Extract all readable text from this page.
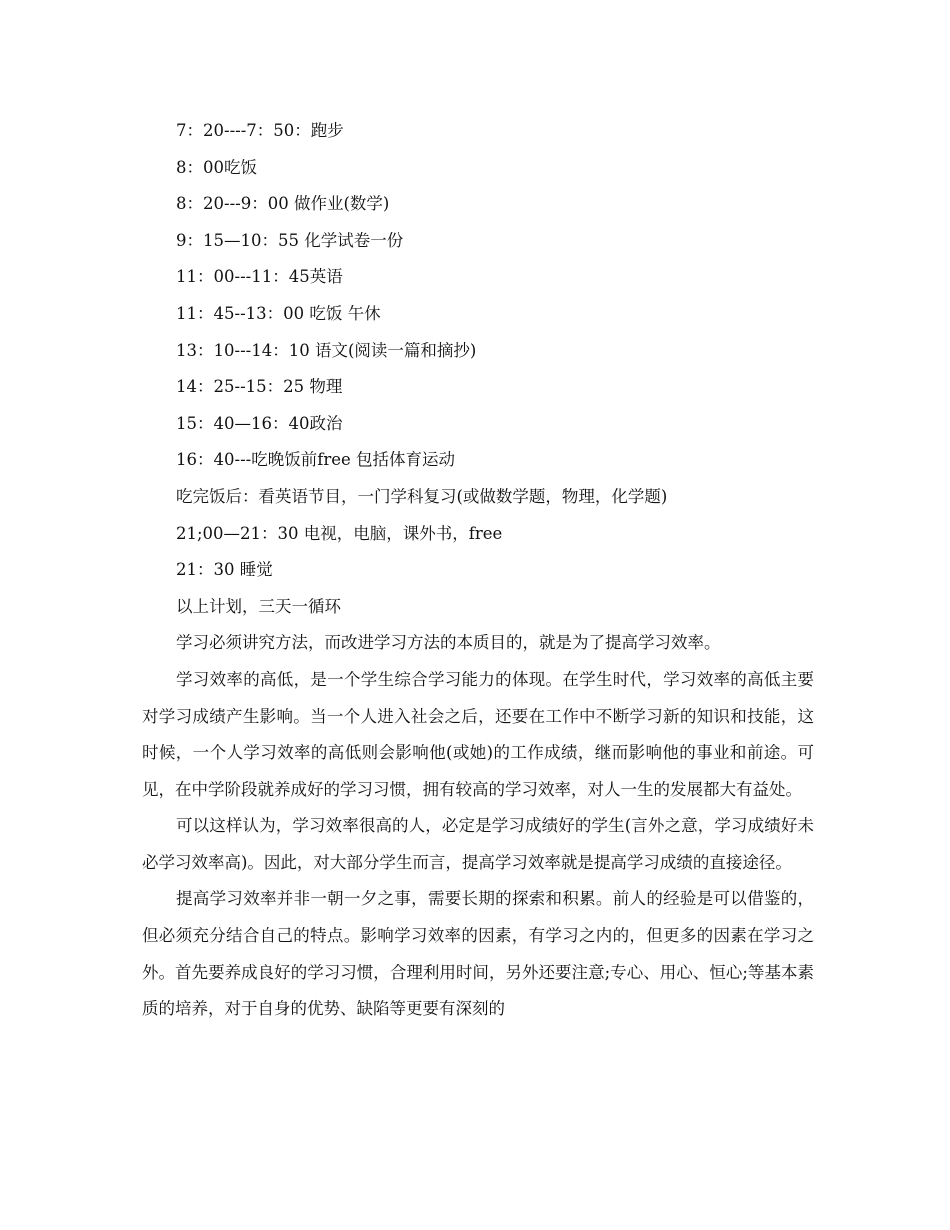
7：20----7：50：跑步
8：00吃饭
8：20---9：00 做作业(数学)
9：15—10：55 化学试卷一份
11：00---11：45英语
11：45--13：00 吃饭 午休
13：10---14：10 语文(阅读一篇和摘抄)
14：25--15：25 物理
15：40—16：40政治
16：40---吃晚饭前free 包括体育运动
吃完饭后：看英语节目，一门学科复习(或做数学题，物理，化学题)
21;00—21：30 电视，电脑，课外书，free
21：30 睡觉
以上计划，三天一循环

学习必须讲究方法，而改进学习方法的本质目的，就是为了提高学习效率。

学习效率的高低，是一个学生综合学习能力的体现。在学生时代，学习效率的高低主要对学习成绩产生影响。当一个人进入社会之后，还要在工作中不断学习新的知识和技能，这时候，一个人学习效率的高低则会影响他(或她)的工作成绩，继而影响他的事业和前途。可见，在中学阶段就养成好的学习习惯，拥有较高的学习效率，对人一生的发展都大有益处。

可以这样认为，学习效率很高的人，必定是学习成绩好的学生(言外之意，学习成绩好未必学习效率高)。因此，对大部分学生而言，提高学习效率就是提高学习成绩的直接途径。

提高学习效率并非一朝一夕之事，需要长期的探索和积累。前人的经验是可以借鉴的，但必须充分结合自己的特点。影响学习效率的因素，有学习之内的，但更多的因素在学习之外。首先要养成良好的学习习惯，合理利用时间，另外还要注意;专心、用心、恒心;等基本素质的培养，对于自身的优势、缺陷等更要有深刻的
